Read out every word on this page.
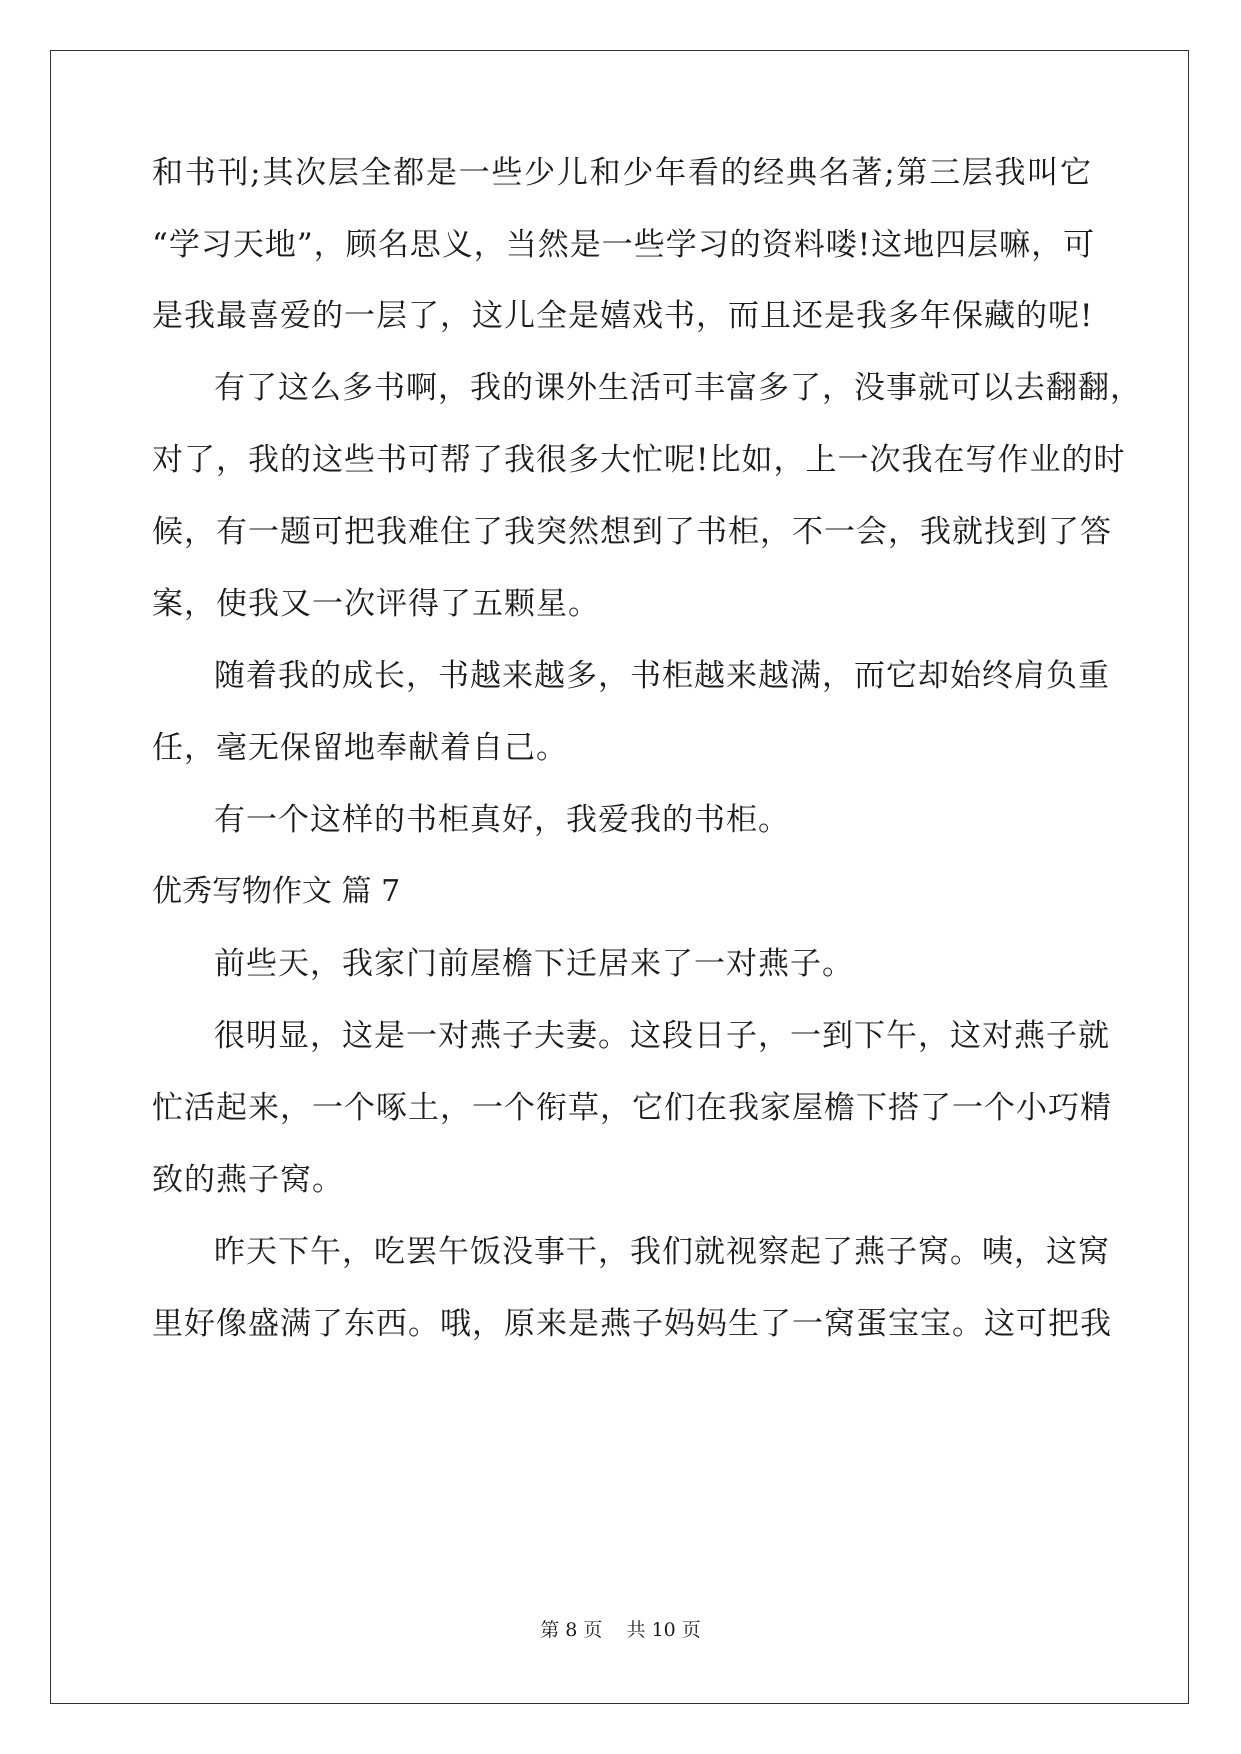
和书刊;其次层全都是一些少儿和少年看的经典名著;第三层我叫它
“学习天地”，顾名思义，当然是一些学习的资料喽!这地四层嘛，可
是我最喜爱的一层了，这儿全是嬉戏书，而且还是我多年保藏的呢!
有了这么多书啊，我的课外生活可丰富多了，没事就可以去翻翻，
对了，我的这些书可帮了我很多大忙呢!比如，上一次我在写作业的时
候，有一题可把我难住了我突然想到了书柜，不一会，我就找到了答
案，使我又一次评得了五颗星。
随着我的成长，书越来越多，书柜越来越满，而它却始终肩负重
任，毫无保留地奉献着自己。
有一个这样的书柜真好，我爱我的书柜。
优秀写物作文 篇 7
前些天，我家门前屋檐下迁居来了一对燕子。
很明显，这是一对燕子夫妻。这段日子，一到下午，这对燕子就
忙活起来，一个啄土，一个衔草，它们在我家屋檐下搭了一个小巧精
致的燕子窝。
昨天下午，吃罢午饭没事干，我们就视察起了燕子窝。咦，这窝
里好像盛满了东西。哦，原来是燕子妈妈生了一窝蛋宝宝。这可把我
第 8 页    共 10 页
